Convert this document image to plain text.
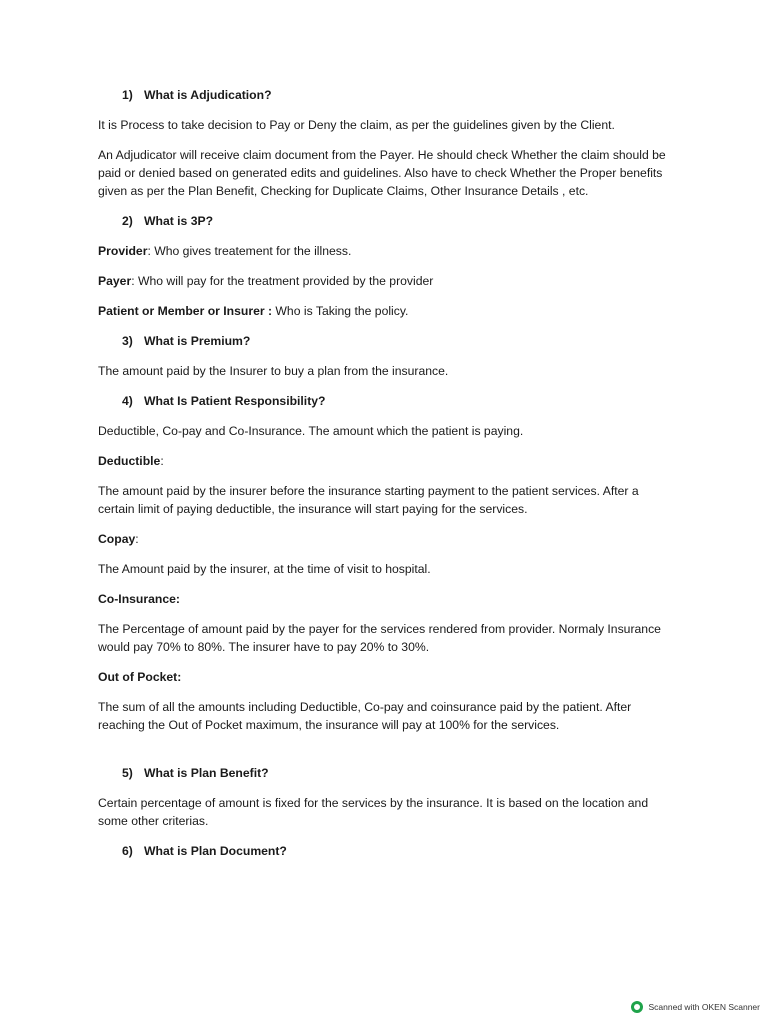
1) What is Adjudication?
It is Process to take decision to Pay or Deny the claim, as per the guidelines given by the Client.
An Adjudicator will receive claim document from the Payer. He should check Whether the claim should be paid or denied based on generated edits and guidelines. Also have to check Whether the Proper benefits given as per the Plan Benefit, Checking for Duplicate Claims, Other Insurance Details , etc.
2) What is 3P?
Provider: Who gives treatement for the illness.
Payer: Who will pay for the treatment provided by the provider
Patient or Member or Insurer : Who is Taking the policy.
3) What is Premium?
The amount paid by the Insurer to buy a plan from the insurance.
4) What Is Patient Responsibility?
Deductible, Co-pay and Co-Insurance. The amount which the patient is paying.
Deductible:
The amount paid by the insurer before the insurance starting payment to the patient services. After a certain limit of paying deductible, the insurance will start paying for the services.
Copay:
The Amount paid by the insurer, at the time of visit to hospital.
Co-Insurance:
The Percentage of amount paid by the payer for the services rendered from provider. Normaly Insurance would pay 70% to 80%. The insurer have to pay 20% to 30%.
Out of Pocket:
The sum of all the amounts including Deductible, Co-pay and coinsurance paid by the patient. After reaching the Out of Pocket maximum, the insurance will pay at 100% for the services.
5) What is Plan Benefit?
Certain percentage of amount is fixed for the services by the insurance. It is based on the location and some other criterias.
6) What is Plan Document?
Scanned with OKEN Scanner
